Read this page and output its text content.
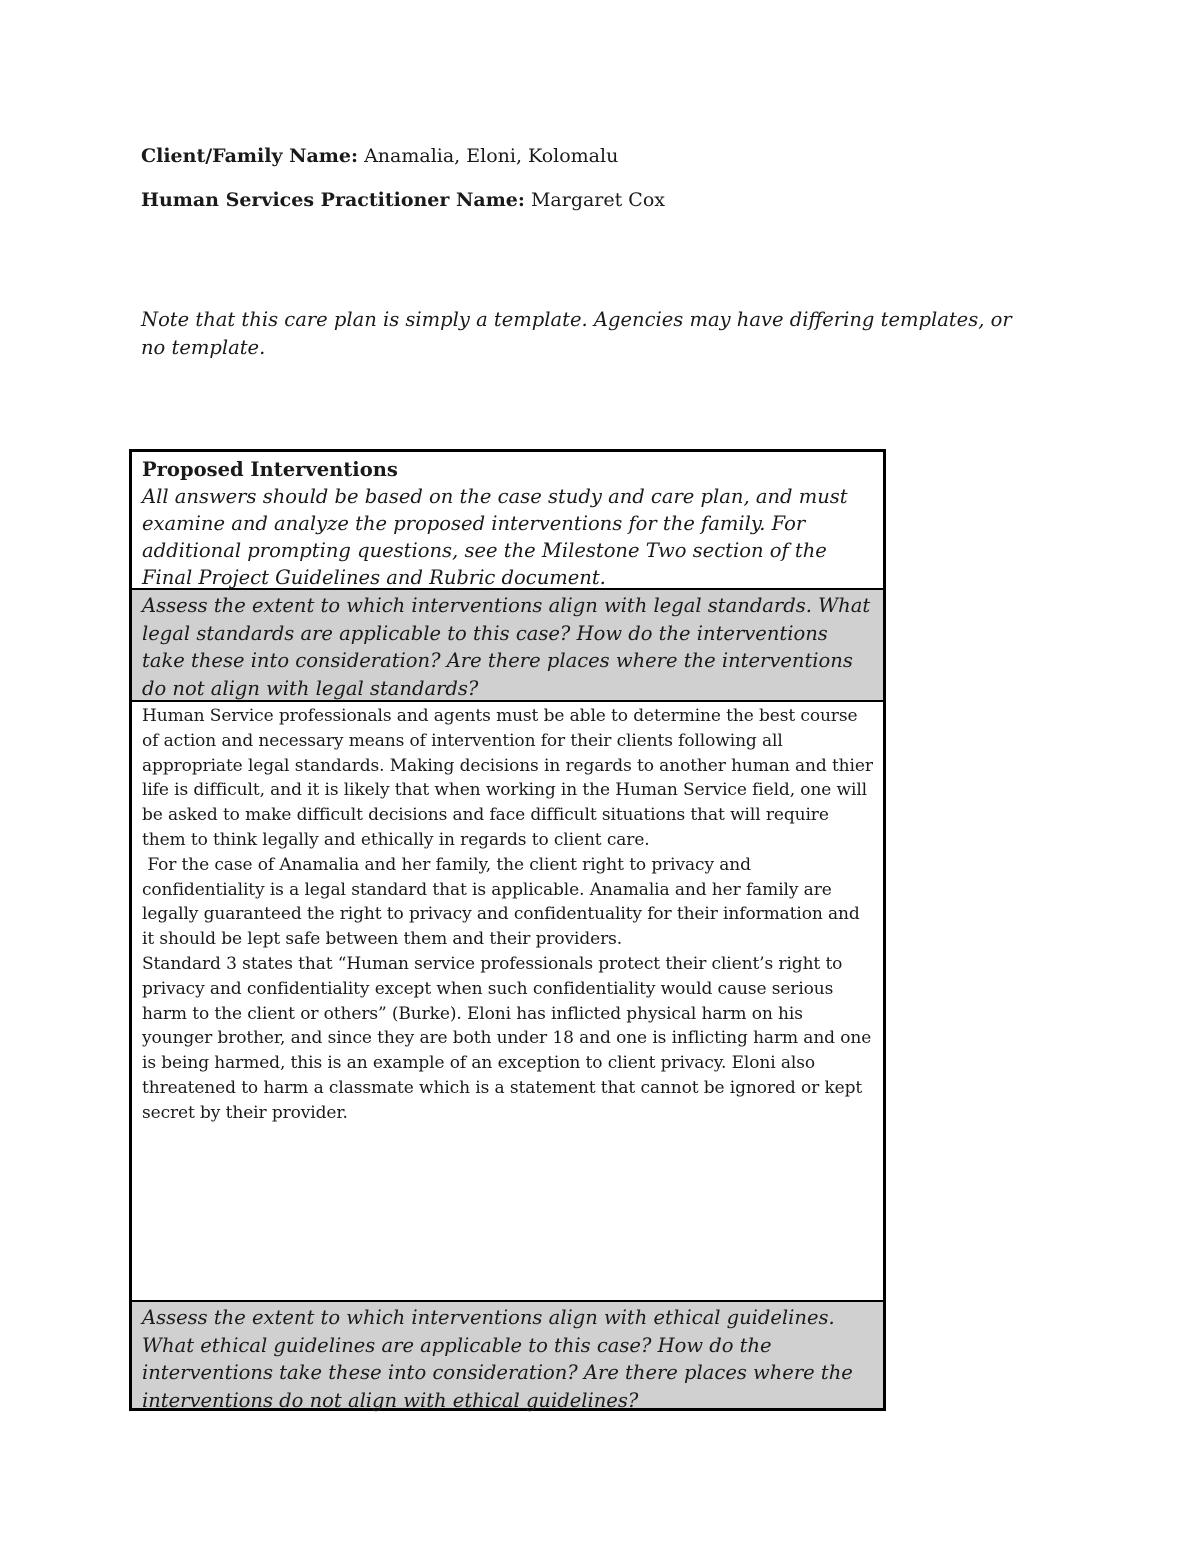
Client/Family Name: Anamalia, Eloni, Kolomalu
Human Services Practitioner Name: Margaret Cox
Note that this care plan is simply a template. Agencies may have differing templates, or no template.
Proposed Interventions
All answers should be based on the case study and care plan, and must examine and analyze the proposed interventions for the family. For additional prompting questions, see the Milestone Two section of the Final Project Guidelines and Rubric document.
Assess the extent to which interventions align with legal standards. What legal standards are applicable to this case? How do the interventions take these into consideration? Are there places where the interventions do not align with legal standards?

Human Service professionals and agents must be able to determine the best course of action and necessary means of intervention for their clients following all appropriate legal standards. Making decisions in regards to another human and thier life is difficult, and it is likely that when working in the Human Service field, one will be asked to make difficult decisions and face difficult situations that will require them to think legally and ethically in regards to client care.

For the case of Anamalia and her family, the client right to privacy and confidentiality is a legal standard that is applicable. Anamalia and her family are legally guaranteed the right to privacy and confidentuality for their information and it should be lept safe between them and their providers.

Standard 3 states that “Human service professionals protect their client’s right to privacy and confidentiality except when such confidentiality would cause serious harm to the client or others” (Burke). Eloni has inflicted physical harm on his younger brother, and since they are both under 18 and one is inflicting harm and one is being harmed, this is an example of an exception to client privacy. Eloni also threatened to harm a classmate which is a statement that cannot be ignored or kept secret by their provider.

Assess the extent to which interventions align with ethical guidelines. What ethical guidelines are applicable to this case? How do the interventions take these into consideration? Are there places where the interventions do not align with ethical guidelines?
